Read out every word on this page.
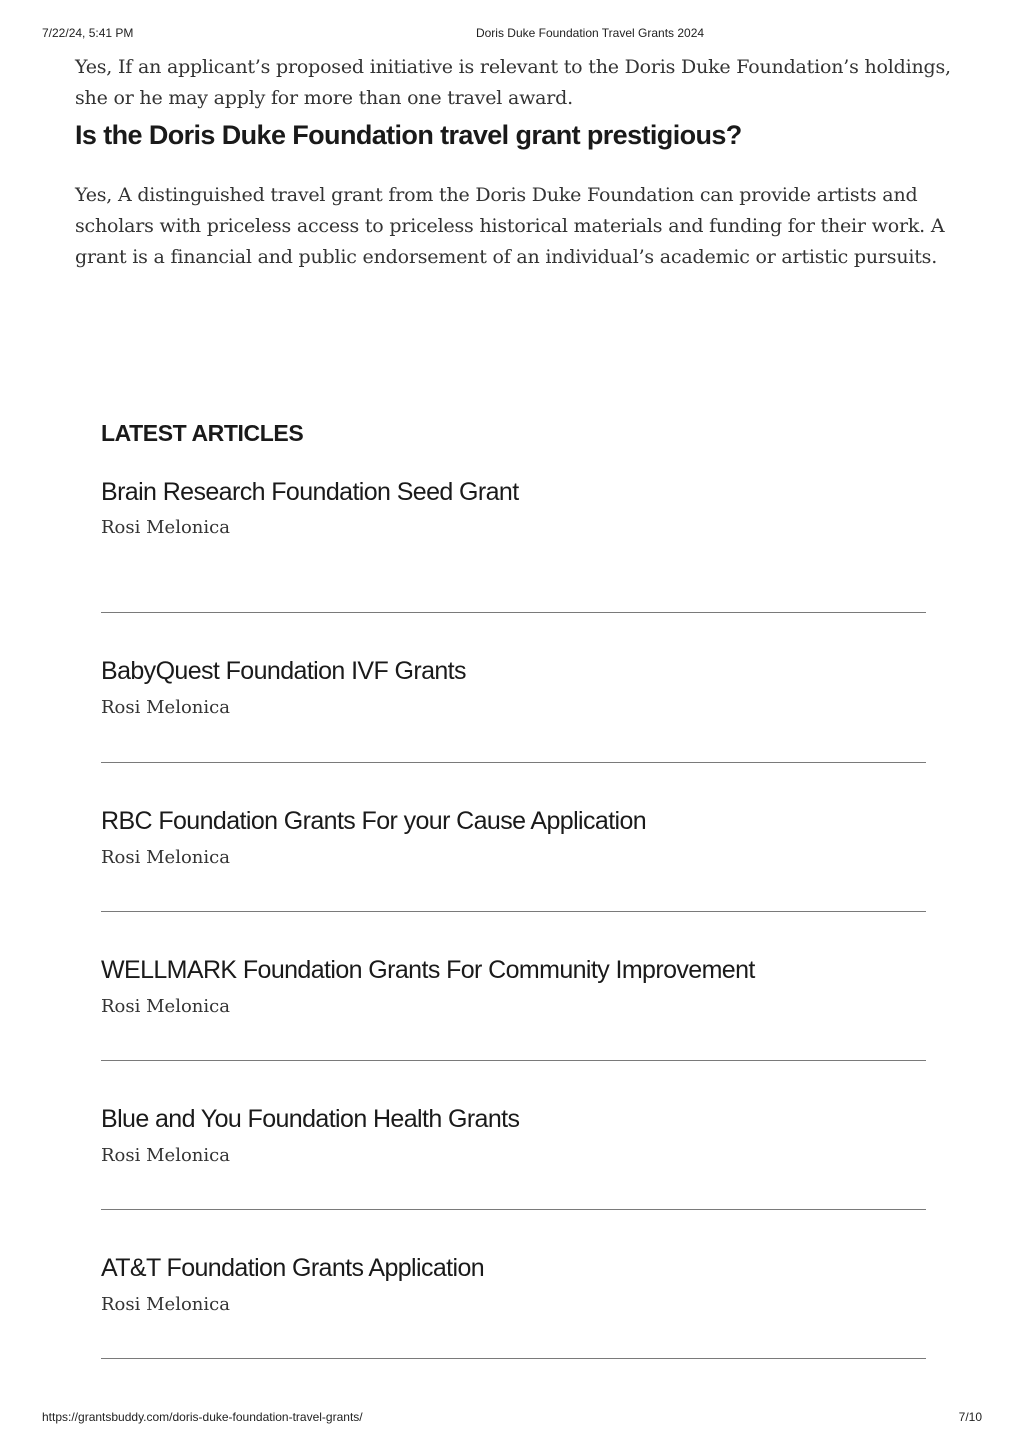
7/22/24, 5:41 PM	Doris Duke Foundation Travel Grants 2024

Yes, If an applicant’s proposed initiative is relevant to the Doris Duke Foundation’s holdings, she or he may apply for more than one travel award.

Is the Doris Duke Foundation travel grant prestigious?

Yes, A distinguished travel grant from the Doris Duke Foundation can provide artists and scholars with priceless access to priceless historical materials and funding for their work. A grant is a financial and public endorsement of an individual’s academic or artistic pursuits.

LATEST ARTICLES
Brain Research Foundation Seed Grant
Rosi Melonica
BabyQuest Foundation IVF Grants
Rosi Melonica
RBC Foundation Grants For your Cause Application
Rosi Melonica
WELLMARK Foundation Grants For Community Improvement
Rosi Melonica
Blue and You Foundation Health Grants
Rosi Melonica
AT&T Foundation Grants Application
Rosi Melonica
https://grantsbuddy.com/doris-duke-foundation-travel-grants/	7/10
